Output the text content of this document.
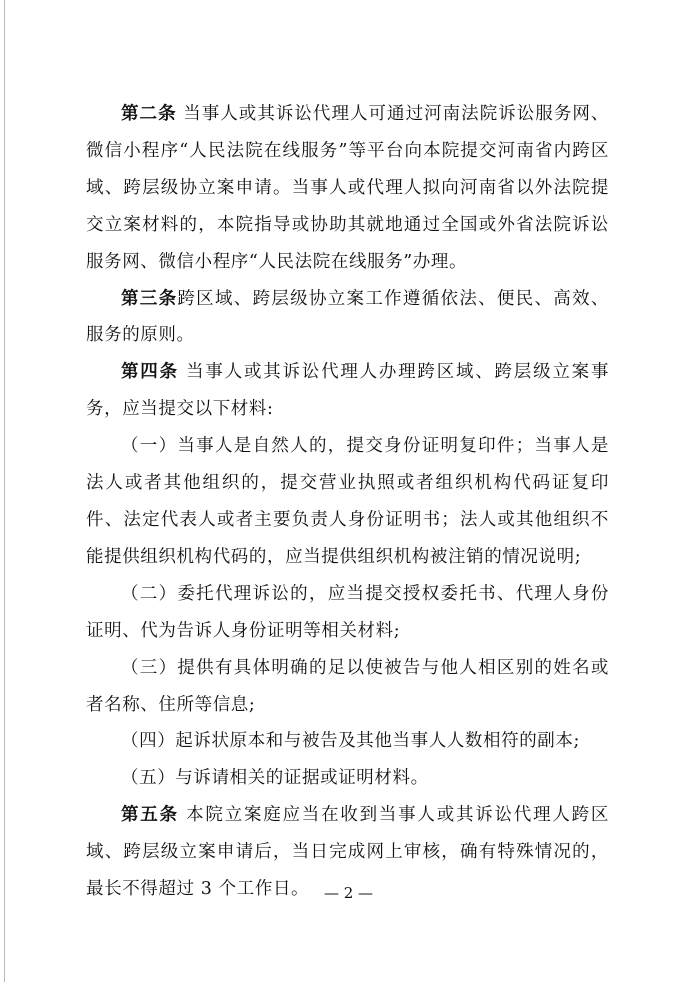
第二条 当事人或其诉讼代理人可通过河南法院诉讼服务网、微信小程序“人民法院在线服务”等平台向本院提交河南省内跨区域、跨层级协立案申请。当事人或代理人拟向河南省以外法院提交立案材料的，本院指导或协助其就地通过全国或外省法院诉讼服务网、微信小程序“人民法院在线服务”办理。

第三条跨区域、跨层级协立案工作遵循依法、便民、高效、服务的原则。

第四条 当事人或其诉讼代理人办理跨区域、跨层级立案事务，应当提交以下材料:

（一）当事人是自然人的，提交身份证明复印件；当事人是法人或者其他组织的，提交营业执照或者组织机构代码证复印件、法定代表人或者主要负责人身份证明书；法人或其他组织不能提供组织机构代码的，应当提供组织机构被注销的情况说明;

（二）委托代理诉讼的，应当提交授权委托书、代理人身份证明、代为告诉人身份证明等相关材料;

（三）提供有具体明确的足以使被告与他人相区别的姓名或者名称、住所等信息;

（四）起诉状原本和与被告及其他当事人人数相符的副本;

（五）与诉请相关的证据或证明材料。

第五条 本院立案庭应当在收到当事人或其诉讼代理人跨区域、跨层级立案申请后，当日完成网上审核，确有特殊情况的，最长不得超过 3 个工作日。 — 2 —
